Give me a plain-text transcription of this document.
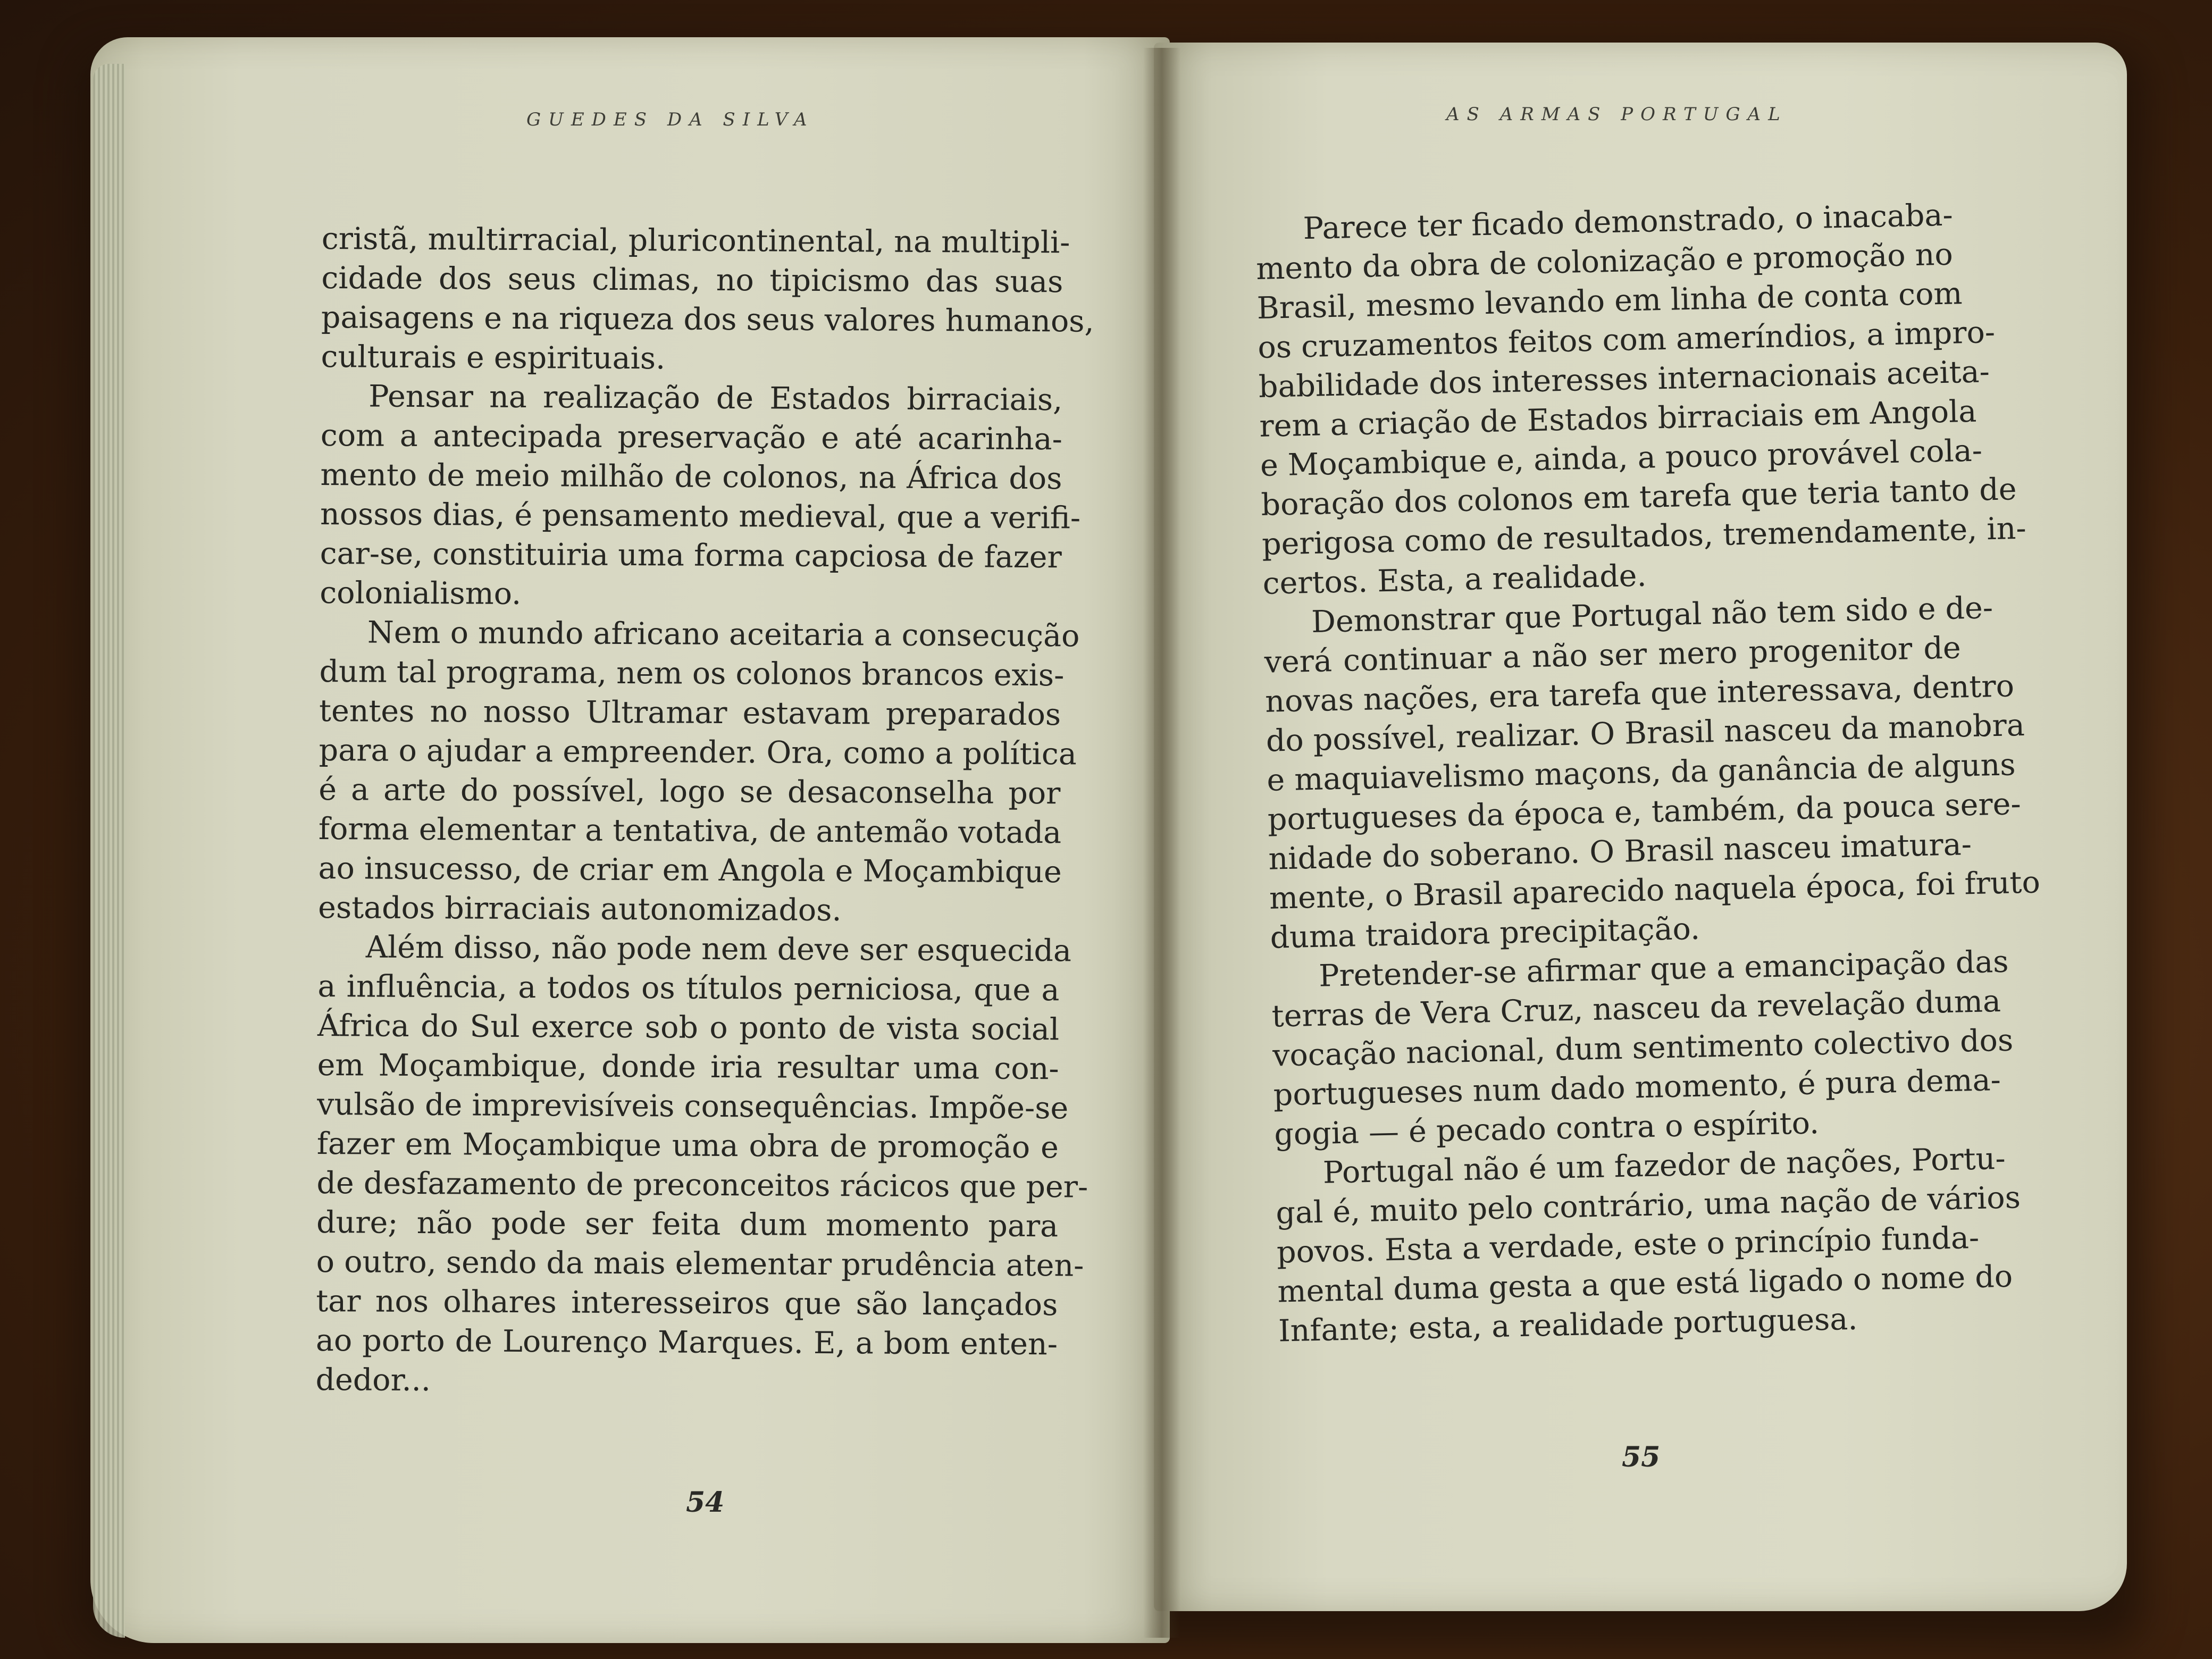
GUEDES DA SILVA	AS ARMAS PORTUGAL
cristã, multirracial, pluricontinental, na multipli-
cidade dos seus climas, no tipicismo das suas
paisagens e na riqueza dos seus valores humanos,
culturais e espirituais.
Pensar na realização de Estados birraciais,
com a antecipada preservação e até acarinha-
mento de meio milhão de colonos, na África dos
nossos dias, é pensamento medieval, que a verifi-
car-se, constituiria uma forma capciosa de fazer
colonialismo.
Nem o mundo africano aceitaria a consecução
dum tal programa, nem os colonos brancos exis-
tentes no nosso Ultramar estavam preparados
para o ajudar a empreender. Ora, como a política
é a arte do possível, logo se desaconselha por
forma elementar a tentativa, de antemão votada
ao insucesso, de criar em Angola e Moçambique
estados birraciais autonomizados.
Além disso, não pode nem deve ser esquecida
a influência, a todos os títulos perniciosa, que a
África do Sul exerce sob o ponto de vista social
em Moçambique, donde iria resultar uma con-
vulsão de imprevisíveis consequências. Impõe-se
fazer em Moçambique uma obra de promoção e
de desfazamento de preconceitos rácicos que per-
dure; não pode ser feita dum momento para
o outro, sendo da mais elementar prudência aten-
tar nos olhares interesseiros que são lançados
ao porto de Lourenço Marques. E, a bom enten-
dedor...
Parece ter ficado demonstrado, o inacaba-
mento da obra de colonização e promoção no
Brasil, mesmo levando em linha de conta com
os cruzamentos feitos com ameríndios, a impro-
babilidade dos interesses internacionais aceita-
rem a criação de Estados birraciais em Angola
e Moçambique e, ainda, a pouco provável cola-
boração dos colonos em tarefa que teria tanto de
perigosa como de resultados, tremendamente, in-
certos. Esta, a realidade.
Demonstrar que Portugal não tem sido e de-
verá continuar a não ser mero progenitor de
novas nações, era tarefa que interessava, dentro
do possível, realizar. O Brasil nasceu da manobra
e maquiavelismo maçons, da ganância de alguns
portugueses da época e, também, da pouca sere-
nidade do soberano. O Brasil nasceu imatura-
mente, o Brasil aparecido naquela época, foi fruto
duma traidora precipitação.
Pretender-se afirmar que a emancipação das
terras de Vera Cruz, nasceu da revelação duma
vocação nacional, dum sentimento colectivo dos
portugueses num dado momento, é pura dema-
gogia — é pecado contra o espírito.
Portugal não é um fazedor de nações, Portu-
gal é, muito pelo contrário, uma nação de vários
povos. Esta a verdade, este o princípio funda-
mental duma gesta a que está ligado o nome do
Infante; esta, a realidade portuguesa.
54
55
